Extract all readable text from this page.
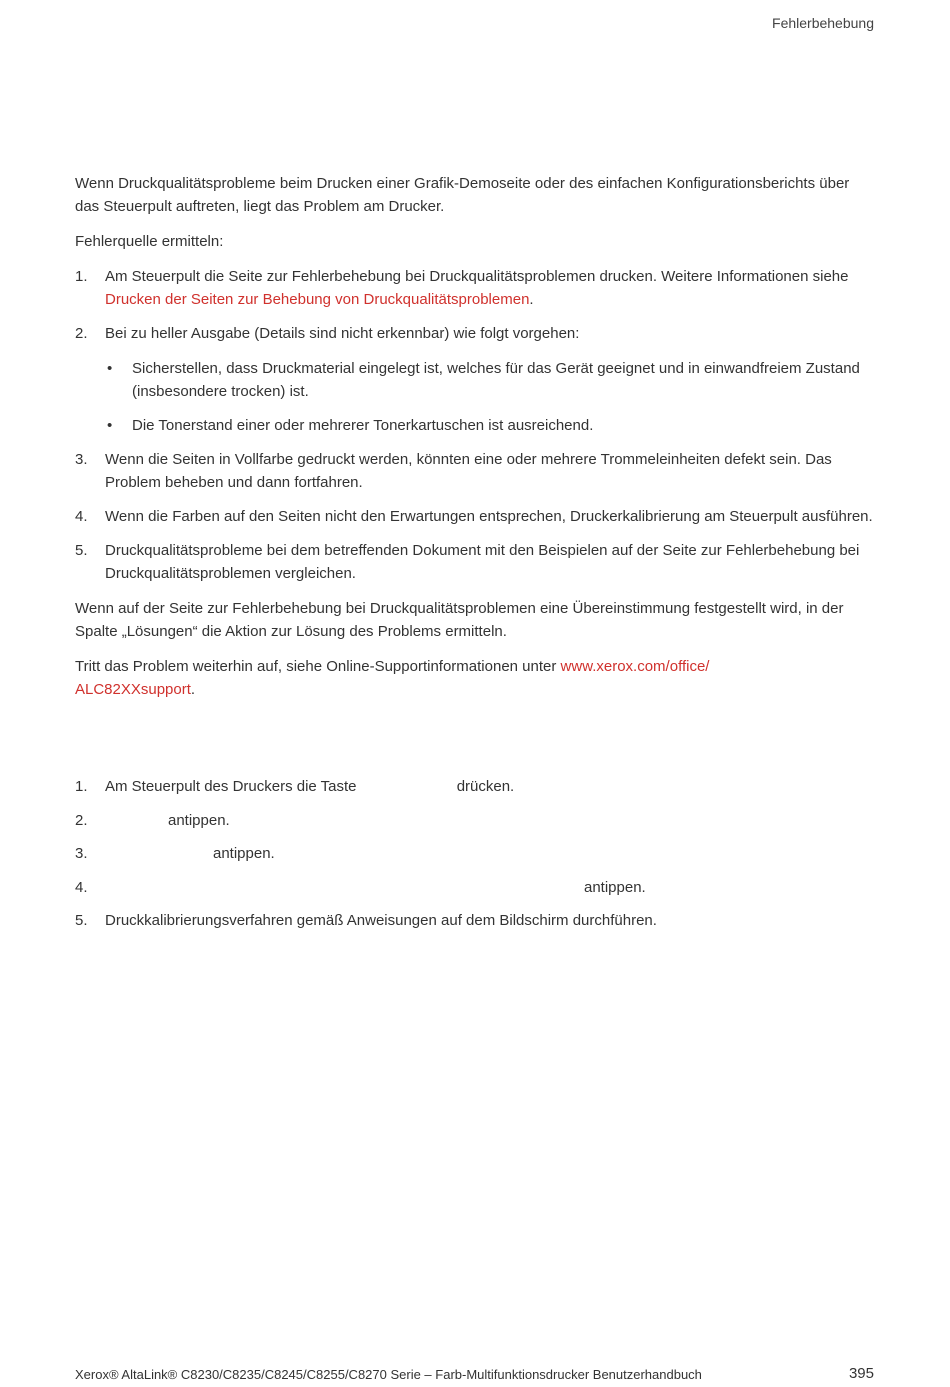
Fehlerbehebung

Wenn Druckqualitätsprobleme beim Drucken einer Grafik-Demoseite oder des einfachen Konfigurationsberichts über das Steuerpult auftreten, liegt das Problem am Drucker.

Fehlerquelle ermitteln:

1. Am Steuerpult die Seite zur Fehlerbehebung bei Druckqualitätsproblemen drucken. Weitere Informationen siehe Drucken der Seiten zur Behebung von Druckqualitätsproblemen.
2. Bei zu heller Ausgabe (Details sind nicht erkennbar) wie folgt vorgehen:
• Sicherstellen, dass Druckmaterial eingelegt ist, welches für das Gerät geeignet und in einwandfreiem Zustand (insbesondere trocken) ist.
• Die Tonerstand einer oder mehrerer Tonerkartuschen ist ausreichend.
3. Wenn die Seiten in Vollfarbe gedruckt werden, könnten eine oder mehrere Trommeleinheiten defekt sein. Das Problem beheben und dann fortfahren.
4. Wenn die Farben auf den Seiten nicht den Erwartungen entsprechen, Druckerkalibrierung am Steuerpult ausführen.
5. Druckqualitätsprobleme bei dem betreffenden Dokument mit den Beispielen auf der Seite zur Fehlerbehebung bei Druckqualitätsproblemen vergleichen.

Wenn auf der Seite zur Fehlerbehebung bei Druckqualitätsproblemen eine Übereinstimmung festgestellt wird, in der Spalte „Lösungen“ die Aktion zur Lösung des Problems ermitteln.

Tritt das Problem weiterhin auf, siehe Online-Supportinformationen unter www.xerox.com/office/
ALC82XXsupport.

1. Am Steuerpult des Druckers die Taste	drücken.
2.	antippen.
3.	antippen.
4.	antippen.
5. Druckkalibrierungsverfahren gemäß Anweisungen auf dem Bildschirm durchführen.
Xerox® AltaLink® C8230/C8235/C8245/C8255/C8270 Serie – Farb-Multifunktionsdrucker Benutzerhandbuch	395
